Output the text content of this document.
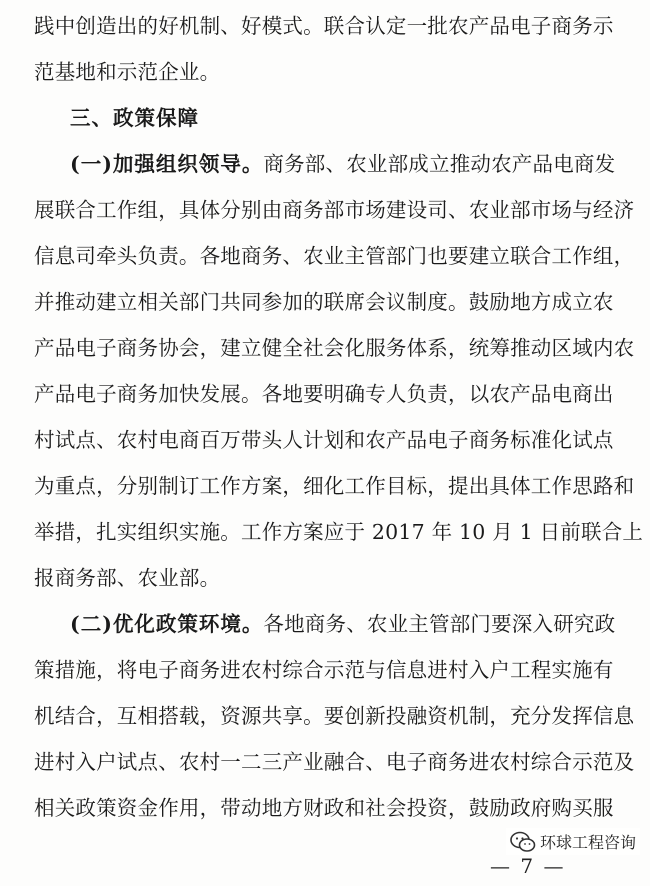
践中创造出的好机制、好模式。联合认定一批农产品电子商务示
范基地和示范企业。
三、政策保障
(一)加强组织领导。商务部、农业部成立推动农产品电商发
展联合工作组，具体分别由商务部市场建设司、农业部市场与经济
信息司牵头负责。各地商务、农业主管部门也要建立联合工作组，
并推动建立相关部门共同参加的联席会议制度。鼓励地方成立农
产品电子商务协会，建立健全社会化服务体系，统筹推动区域内农
产品电子商务加快发展。各地要明确专人负责，以农产品电商出
村试点、农村电商百万带头人计划和农产品电子商务标准化试点
为重点，分别制订工作方案，细化工作目标，提出具体工作思路和
举措，扎实组织实施。工作方案应于 2017 年 10 月 1 日前联合上
报商务部、农业部。
(二)优化政策环境。各地商务、农业主管部门要深入研究政
策措施，将电子商务进农村综合示范与信息进村入户工程实施有
机结合，互相搭载，资源共享。要创新投融资机制，充分发挥信息
进村入户试点、农村一二三产业融合、电子商务进农村综合示范及
相关政策资金作用，带动地方财政和社会投资，鼓励政府购买服
环球工程咨询
— 7 —
